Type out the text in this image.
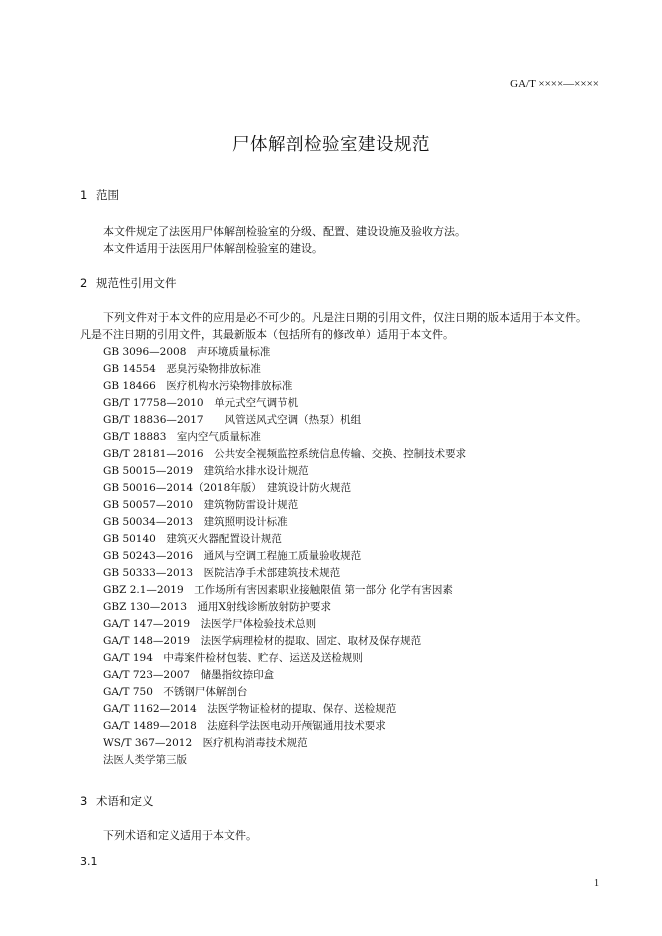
GA/T ××××—××××
尸体解剖检验室建设规范
1 范围
本文件规定了法医用尸体解剖检验室的分级、配置、建设设施及验收方法。
本文件适用于法医用尸体解剖检验室的建设。
2 规范性引用文件
下列文件对于本文件的应用是必不可少的。凡是注日期的引用文件，仅注日期的版本适用于本文件。
凡是不注日期的引用文件，其最新版本（包括所有的修改单）适用于本文件。
GB 3096—2008　声环境质量标准
GB 14554　恶臭污染物排放标准
GB 18466　医疗机构水污染物排放标准
GB/T 17758—2010　单元式空气调节机
GB/T 18836—2017　　风管送风式空调（热泵）机组
GB/T 18883　室内空气质量标准
GB/T 28181—2016　公共安全视频监控系统信息传输、交换、控制技术要求
GB 50015—2019　建筑给水排水设计规范
GB 50016—2014（2018年版）　建筑设计防火规范
GB 50057—2010　建筑物防雷设计规范
GB 50034—2013　建筑照明设计标准
GB 50140　建筑灭火器配置设计规范
GB 50243—2016　通风与空调工程施工质量验收规范
GB 50333—2013　医院洁净手术部建筑技术规范
GBZ 2.1—2019　工作场所有害因素职业接触限值 第一部分 化学有害因素
GBZ 130—2013　通用X射线诊断放射防护要求
GA/T 147—2019　法医学尸体检验技术总则
GA/T 148—2019　法医学病理检材的提取、固定、取材及保存规范
GA/T 194　中毒案件检材包装、贮存、运送及送检规则
GA/T 723—2007　储墨指纹捺印盒
GA/T 750　不锈钢尸体解剖台
GA/T 1162—2014　法医学物证检材的提取、保存、送检规范
GA/T 1489—2018　法庭科学法医电动开颅锯通用技术要求
WS/T 367—2012　医疗机构消毒技术规范
法医人类学第三版
3 术语和定义
下列术语和定义适用于本文件。
3.1
1
